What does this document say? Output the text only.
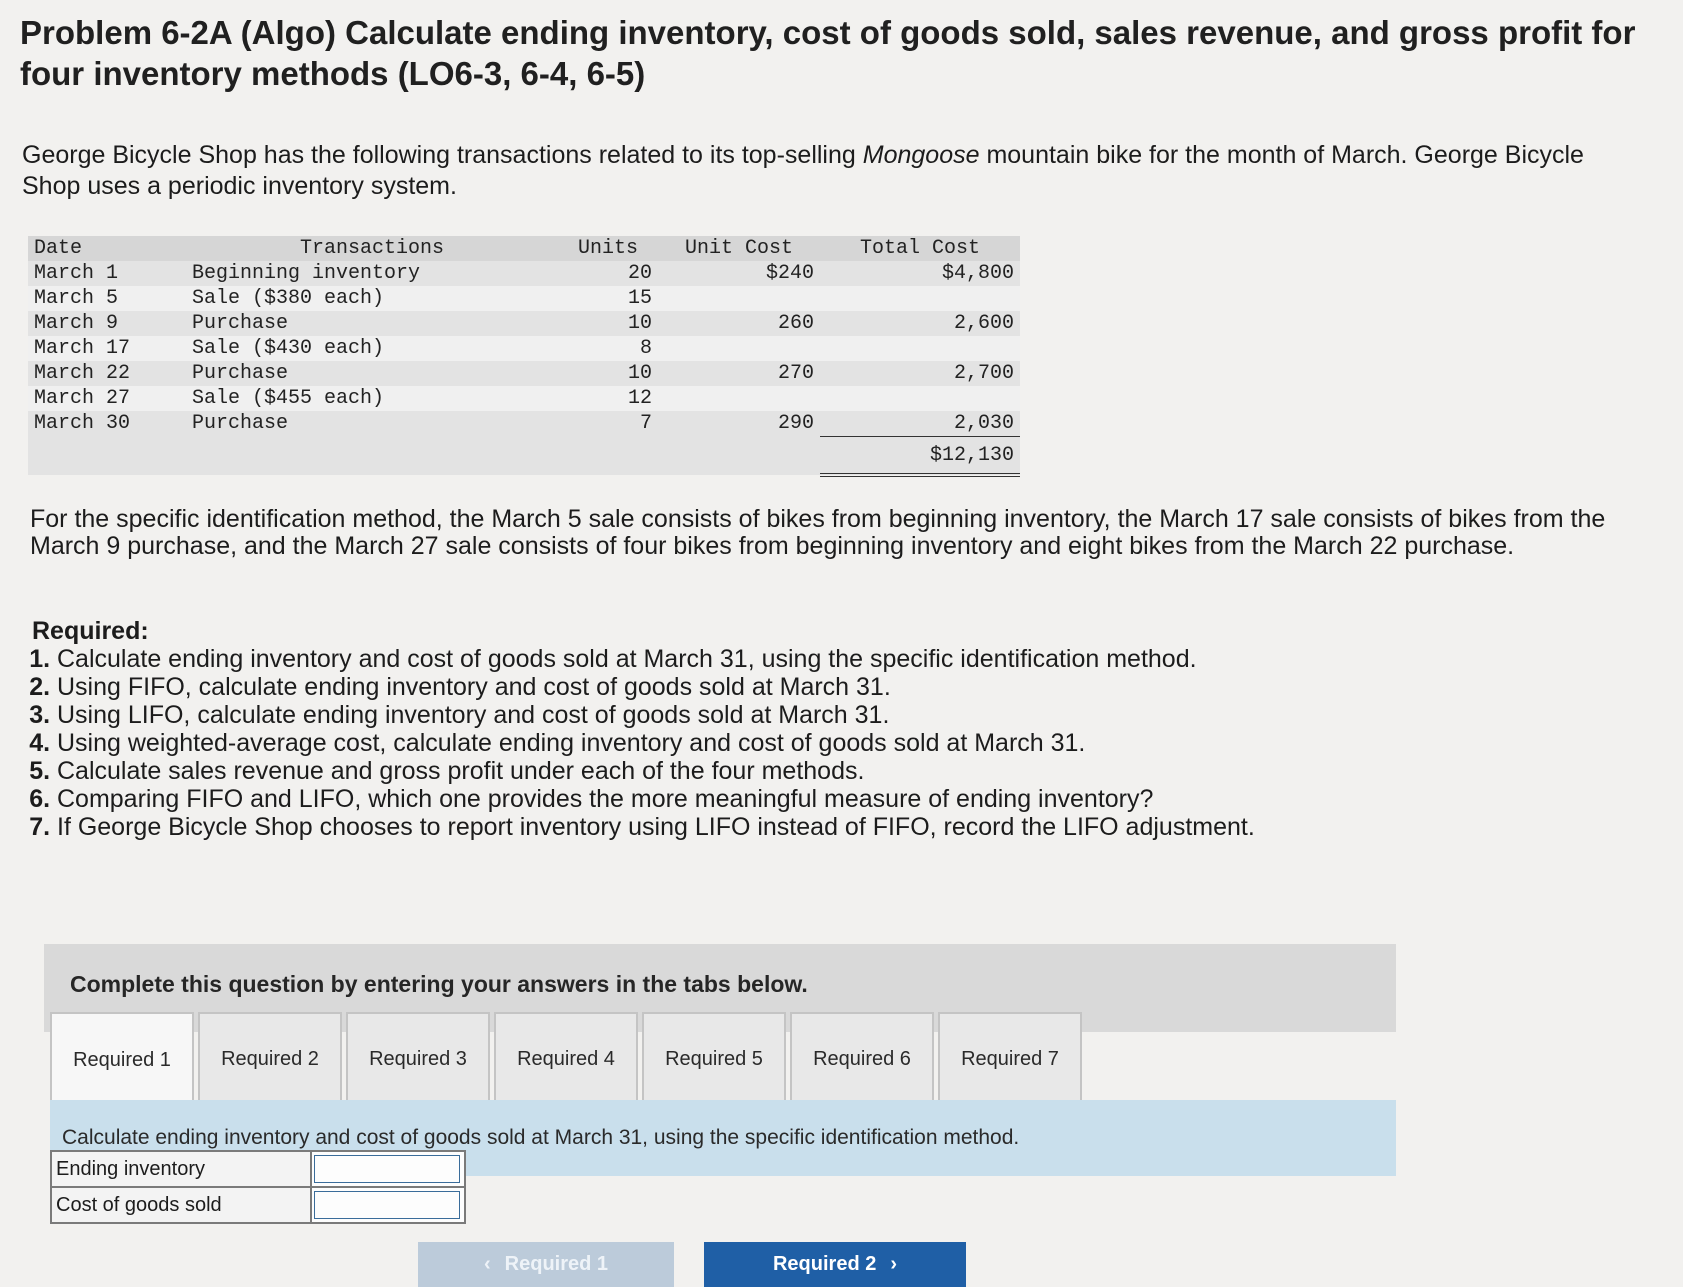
Problem 6-2A (Algo) Calculate ending inventory, cost of goods sold, sales revenue, and gross profit for four inventory methods (LO6-3, 6-4, 6-5)

George Bicycle Shop has the following transactions related to its top-selling Mongoose mountain bike for the month of March. George Bicycle Shop uses a periodic inventory system.

Date	Transactions	Units	Unit Cost	Total Cost
March 1	Beginning inventory	20	$240	$4,800
March 5	Sale ($380 each)	15		
March 9	Purchase	10	260	2,600
March 17	Sale ($430 each)	8		
March 22	Purchase	10	270	2,700
March 27	Sale ($455 each)	12		
March 30	Purchase	7	290	2,030
				$12,130

For the specific identification method, the March 5 sale consists of bikes from beginning inventory, the March 17 sale consists of bikes from the March 9 purchase, and the March 27 sale consists of four bikes from beginning inventory and eight bikes from the March 22 purchase.

Required:

1. Calculate ending inventory and cost of goods sold at March 31, using the specific identification method.
2. Using FIFO, calculate ending inventory and cost of goods sold at March 31.
3. Using LIFO, calculate ending inventory and cost of goods sold at March 31.
4. Using weighted-average cost, calculate ending inventory and cost of goods sold at March 31.
5. Calculate sales revenue and gross profit under each of the four methods.
6. Comparing FIFO and LIFO, which one provides the more meaningful measure of ending inventory?
7. If George Bicycle Shop chooses to report inventory using LIFO instead of FIFO, record the LIFO adjustment.

Complete this question by entering your answers in the tabs below.

Required 1	Required 2	Required 3	Required 4	Required 5	Required 6	Required 7
Calculate ending inventory and cost of goods sold at March 31, using the specific identification method.
Ending inventory	
Cost of goods sold	
‹ Required 1	Required 2 ›
